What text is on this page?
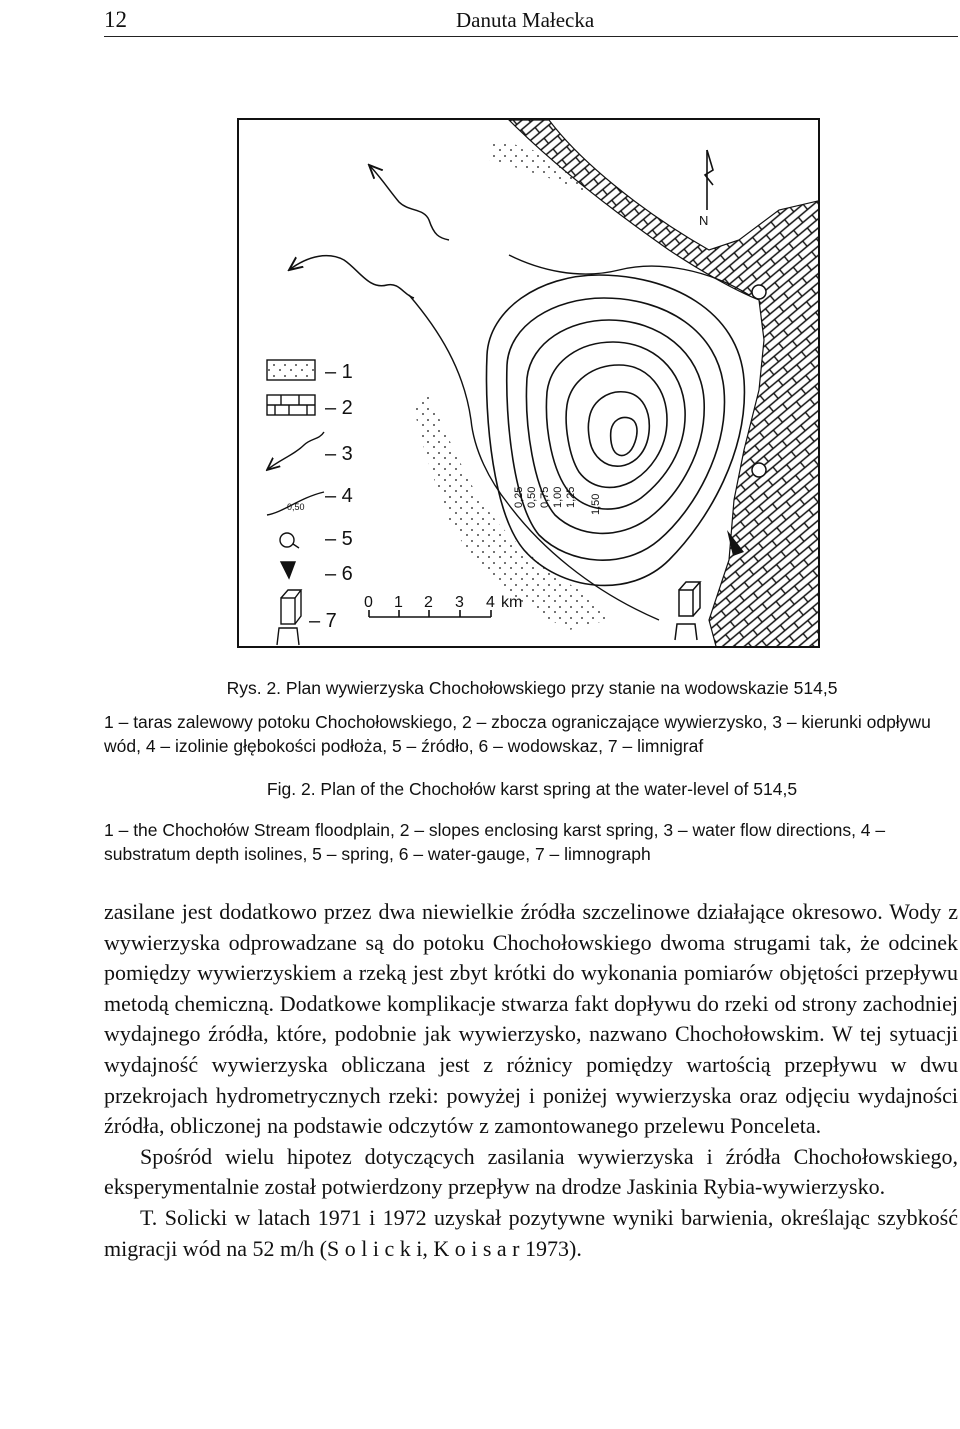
12	Danuta Małecka
0,25 0,50 0,75 1,00 1,25 1,50
N
0,50
– 1
– 2
– 3
– 4
– 5
– 6
– 7
0 1 2 3 4 km
Rys. 2. Plan wywierzyska Chochołowskiego przy stanie na wodowskazie 514,5
1 – taras zalewowy potoku Chochołowskiego, 2 – zbocza ograniczające wywierzysko, 3 – kierunki odpływu wód, 4 – izolinie głębokości podłoża, 5 – źródło, 6 – wodowskaz, 7 – limnigraf
Fig. 2. Plan of the Chochołów karst spring at the water-level of 514,5
1 – the Chochołów Stream floodplain, 2 – slopes enclosing karst spring, 3 – water flow directions, 4 – substratum depth isolines, 5 – spring, 6 – water-gauge, 7 – limnograph

zasilane jest dodatkowo przez dwa niewielkie źródła szczelinowe działające okresowo. Wody z wywierzyska odprowadzane są do potoku Chochołowskiego dwoma strugami tak, że odcinek pomiędzy wywierzyskiem a rzeką jest zbyt krótki do wykonania pomiarów objętości przepływu metodą chemiczną. Dodatkowe komplikacje stwarza fakt dopływu do rzeki od strony zachodniej wydajnego źródła, które, podobnie jak wywierzysko, nazwano Chochołowskim. W tej sytuacji wydajność wywierzyska obliczana jest z różnicy pomiędzy wartością przepływu w dwu przekrojach hydrometrycznych rzeki: powyżej i poniżej wywierzyska oraz odjęciu wydajności źródła, obliczonej na podstawie odczytów z zamontowanego przelewu Ponceleta.

Spośród wielu hipotez dotyczących zasilania wywierzyska i źródła Chochołowskiego, eksperymentalnie został potwierdzony przepływ na drodze Jaskinia Rybia-wywierzysko.

T. Solicki w latach 1971 i 1972 uzyskał pozytywne wyniki barwienia, określając szybkość migracji wód na 52 m/h (S o l i c k i, K o i s a r 1973).
